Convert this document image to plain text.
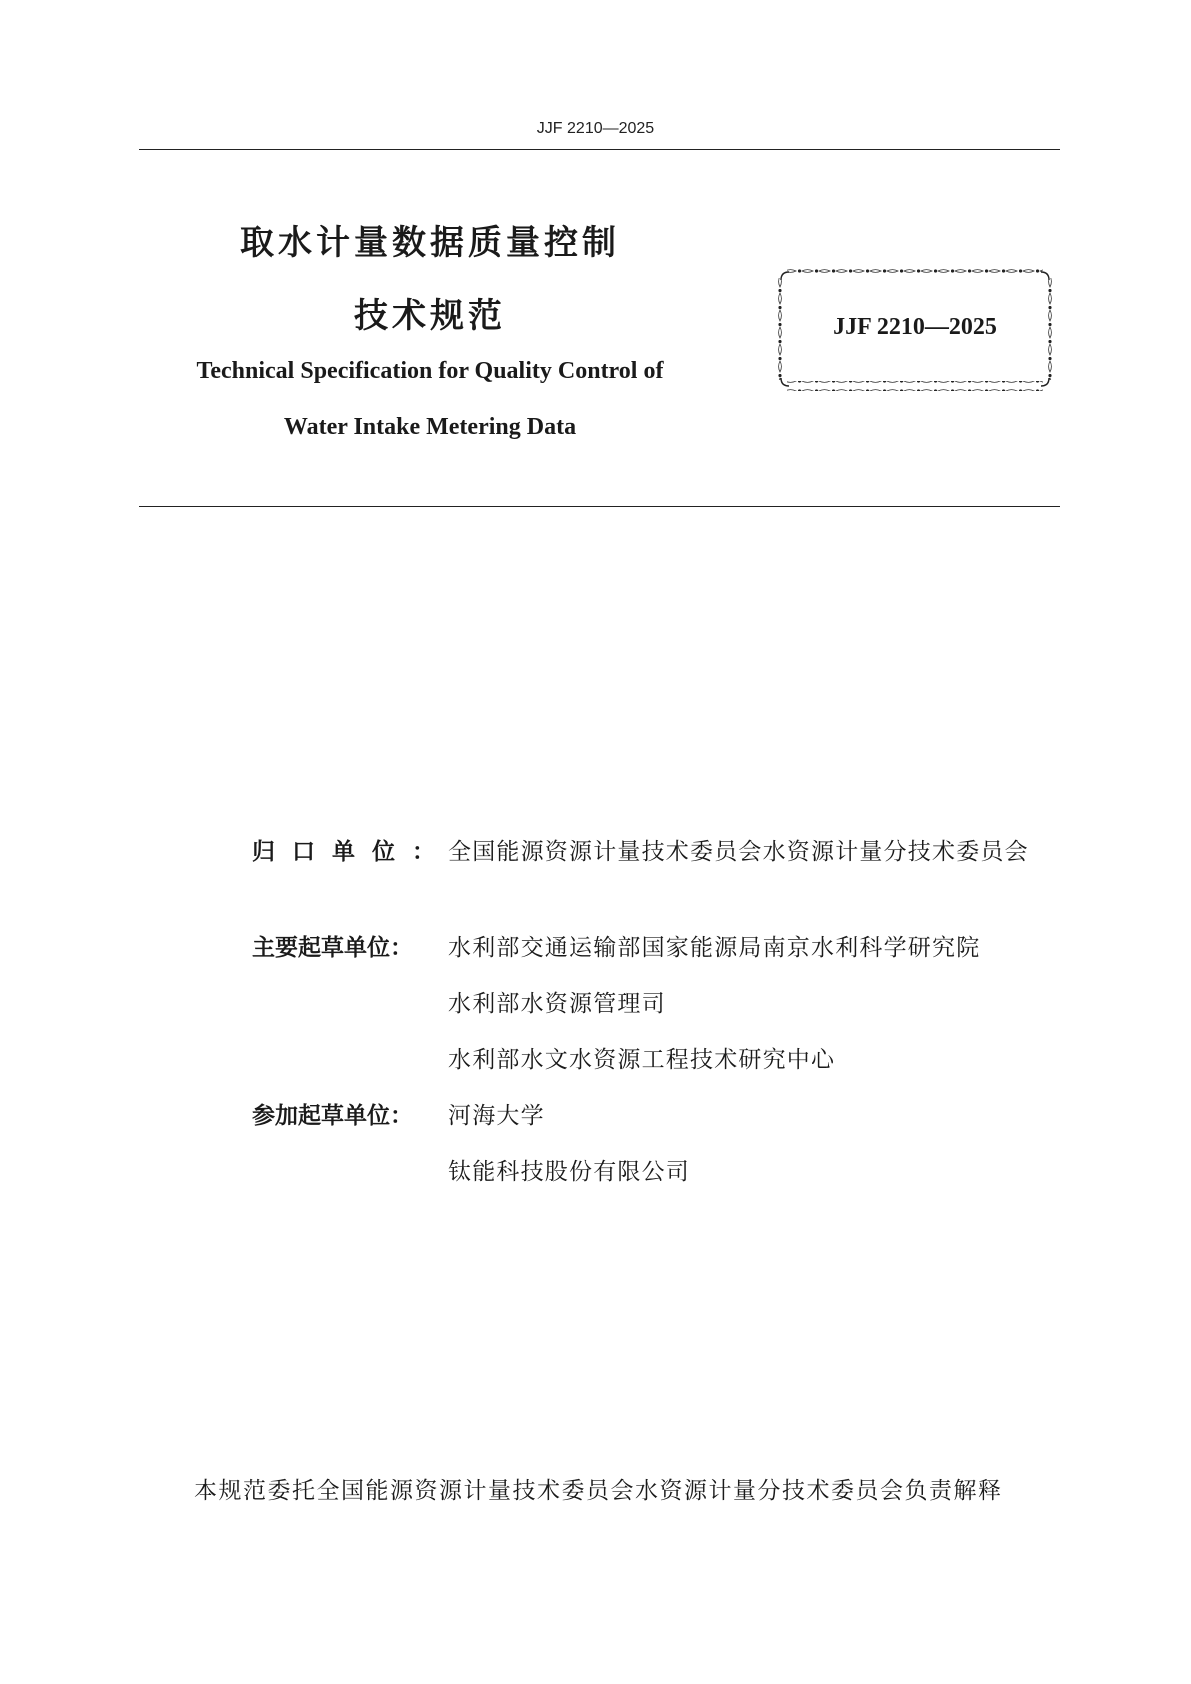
JJF 2210—2025
取水计量数据质量控制
技术规范
Technical Specification for Quality Control of
Water Intake Metering Data
JJF 2210—2025
归口单位：
全国能源资源计量技术委员会水资源计量分技术委员会
主要起草单位：	水利部交通运输部国家能源局南京水利科学研究院
水利部水资源管理司
水利部水文水资源工程技术研究中心
参加起草单位：	河海大学
钛能科技股份有限公司
本规范委托全国能源资源计量技术委员会水资源计量分技术委员会负责解释
